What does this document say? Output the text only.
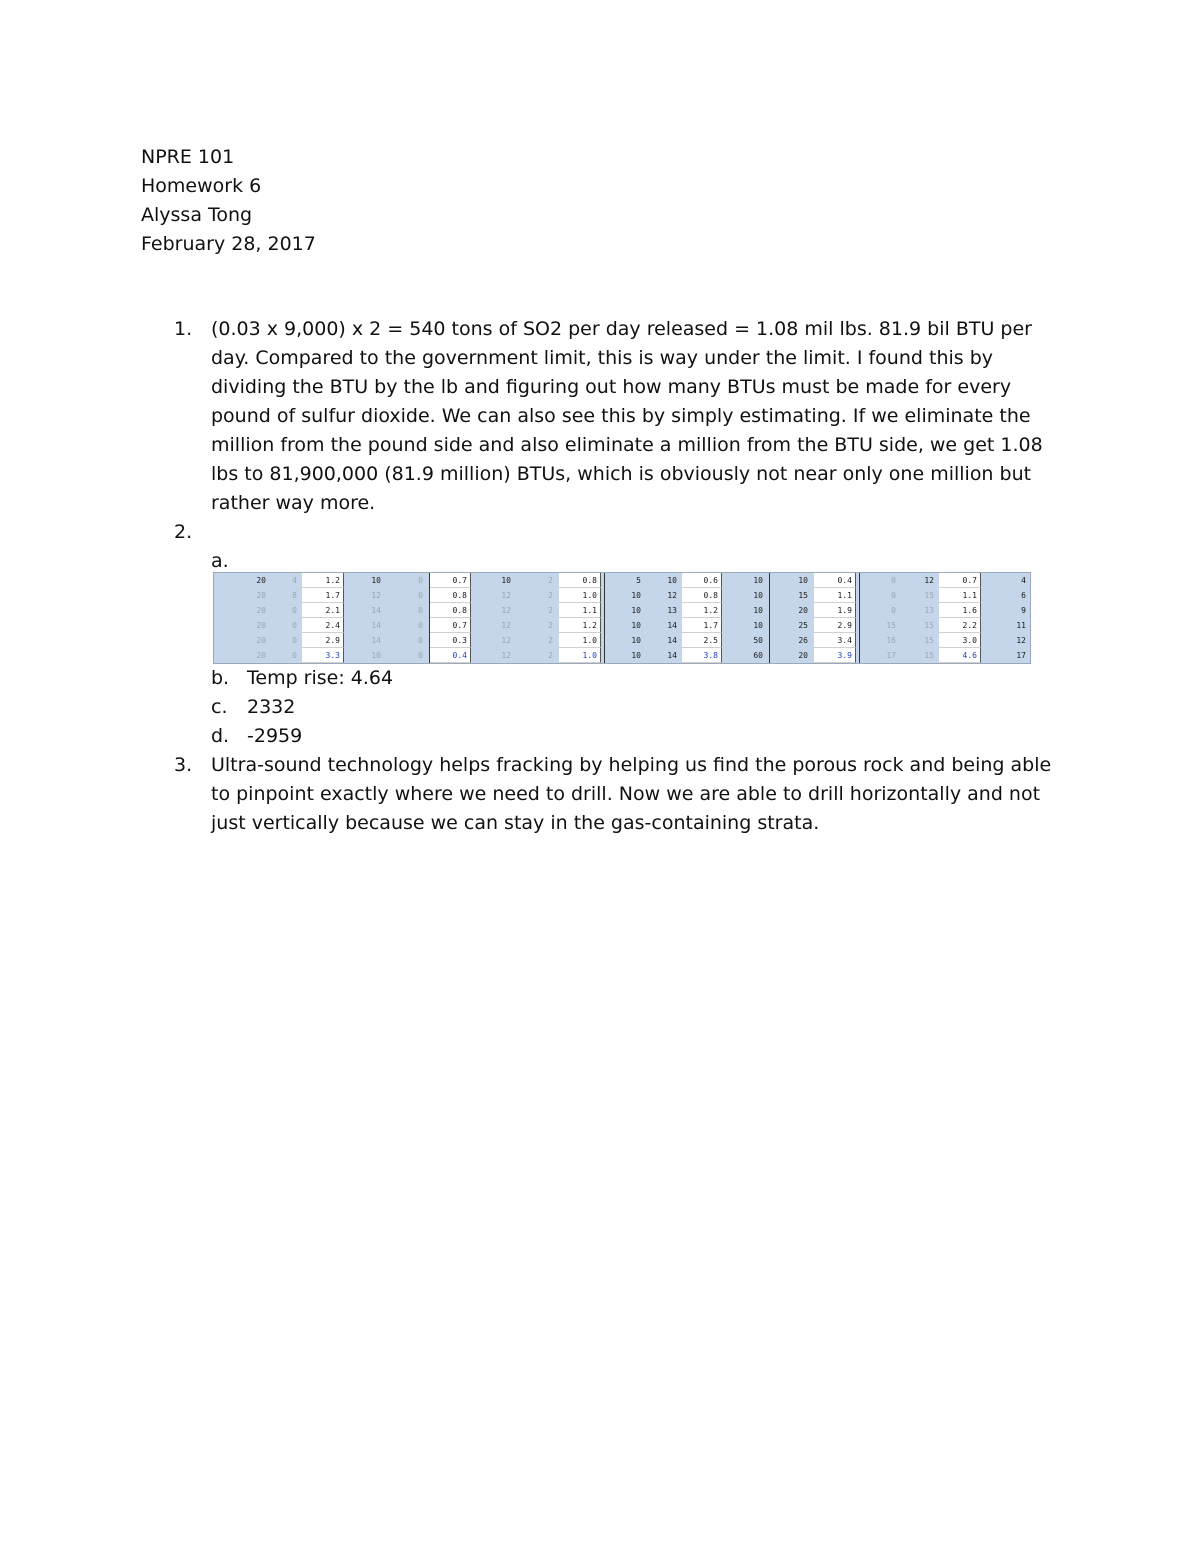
NPRE 101
Homework 6
Alyssa Tong
February 28, 2017
1. (0.03 x 9,000) x 2 = 540 tons of SO2 per day released = 1.08 mil lbs. 81.9 bil BTU per day. Compared to the government limit, this is way under the limit. I found this by dividing the BTU by the lb and figuring out how many BTUs must be made for every pound of sulfur dioxide. We can also see this by simply estimating. If we eliminate the million from the pound side and also eliminate a million from the BTU side, we get 1.08 lbs to 81,900,000 (81.9 million) BTUs, which is obviously not near only one million but rather way more.

2.

a.
b. Temp rise: 4.64
c. 2332
d. -2959
3. Ultra-sound technology helps fracking by helping us find the porous rock and being able to pinpoint exactly where we need to drill. Now we are able to drill horizontally and not just vertically because we can stay in the gas-containing strata.

20	4	1.2	10	0	0.7	10	2	0.8	5	10	0.6	10	10	0.4	0	12	0.7	4
20	8	1.7	12	0	0.8	12	2	1.0	10	12	0.8	10	15	1.1	0	15	1.1	6
20	0	2.1	14	0	0.8	12	2	1.1	10	13	1.2	10	20	1.9	0	13	1.6	9
20	0	2.4	14	0	0.7	12	2	1.2	10	14	1.7	10	25	2.9	15	15	2.2	11
20	0	2.9	14	0	0.3	12	2	1.0	10	14	2.5	50	26	3.4	16	15	3.0	12
20	0	3.3	10	0	0.4	12	2	1.0	10	14	3.8	60	20	3.9	17	15	4.6	17
